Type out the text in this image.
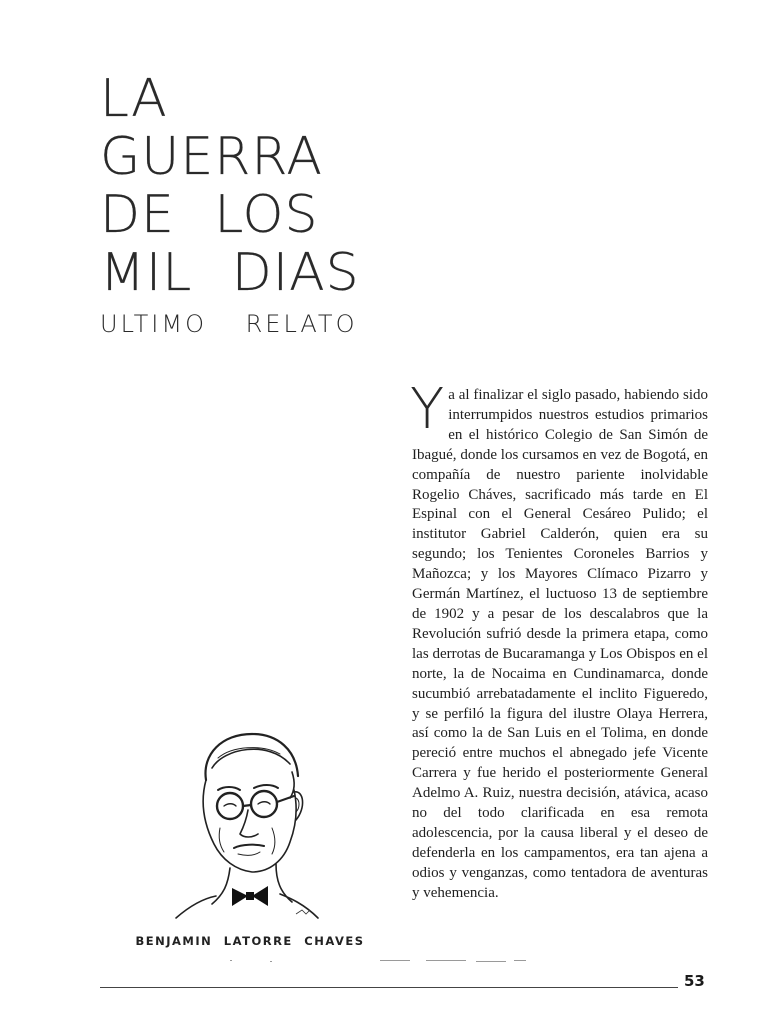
LA
GUERRA
DE LOS
MIL DIAS
ULTIMO RELATO
Y a al finalizar el siglo pasado, habiendo sido interrumpidos nuestros estudios primarios en el histórico Colegio de San Simón de Ibagué, donde los cursamos en vez de Bogotá, en compañía de nuestro pariente inolvidable Rogelio Cháves, sacrificado más tarde en El Espinal con el General Cesáreo Pulido; el institutor Gabriel Calderón, quien era su segundo; los Tenientes Coroneles Barrios y Mañozca; y los Mayores Clímaco Pizarro y Germán Martínez, el luctuoso 13 de septiembre de 1902 y a pesar de los descalabros que la Revolución sufrió desde la primera etapa, como las derrotas de Bucaramanga y Los Obispos en el norte, la de Nocaima en Cundinamarca, donde sucumbió arrebatadamente el inclito Figueredo, y se perfiló la figura del ilustre Olaya Herrera, así como la de San Luis en el Tolima, en donde pereció entre muchos el abnegado jefe Vicente Carrera y fue herido el posteriormente General Adelmo A. Ruiz, nuestra decisión, atávica, acaso no del todo clarificada en esa remota adolescencia, por la causa liberal y el deseo de defenderla en los campamentos, era tan ajena a odios y venganzas, como tentadora de aventuras y vehemencia.
BENJAMIN LATORRE CHAVES
53
